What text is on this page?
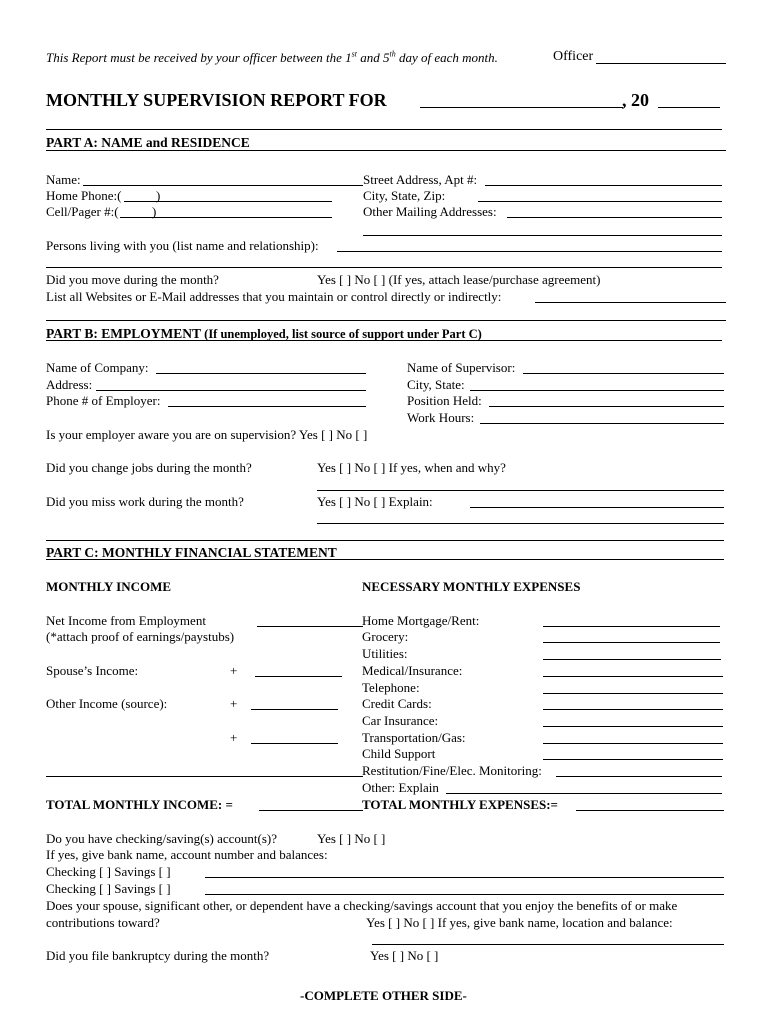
This Report must be received by your officer between the 1st and 5th day of each month.	Officer
MONTHLY SUPERVISION REPORT FOR	, 20
PART A: NAME and RESIDENCE
Name:
Home Phone:(	)
Cell/Pager #:(	)
Street Address, Apt #:
City, State, Zip:
Other Mailing Addresses:
Persons living with you (list name and relationship):
Did you move during the month?	Yes [ ] No [ ] (If yes, attach lease/purchase agreement)
List all Websites or E-Mail addresses that you maintain or control directly or indirectly:
PART B: EMPLOYMENT (If unemployed, list source of support under Part C)
Name of Company:
Address:
Phone # of Employer:
Name of Supervisor:
City, State:
Position Held:
Work Hours:
Is your employer aware you are on supervision? Yes [ ] No [ ]
Did you change jobs during the month?	Yes [ ] No [ ] If yes, when and why?
Did you miss work during the month?	Yes [ ] No [ ] Explain:
PART C: MONTHLY FINANCIAL STATEMENT
MONTHLY INCOME	NECESSARY MONTHLY EXPENSES
Net Income from Employment
(*attach proof of earnings/paystubs)
Spouse’s Income:	+
Other Income (source):	+
+
Home Mortgage/Rent:
Grocery:
Utilities:
Medical/Insurance:
Telephone:
Credit Cards:
Car Insurance:
Transportation/Gas:
Child Support
Restitution/Fine/Elec. Monitoring:
Other: Explain
TOTAL MONTHLY INCOME: =	TOTAL MONTHLY EXPENSES:=
Do you have checking/saving(s) account(s)?	Yes [ ] No [ ]
If yes, give bank name, account number and balances:
Checking [ ] Savings [ ]
Checking [ ] Savings [ ]
Does your spouse, significant other, or dependent have a checking/savings account that you enjoy the benefits of or make
contributions toward?	Yes [ ] No [ ] If yes, give bank name, location and balance:
Did you file bankruptcy during the month?	Yes [ ] No [ ]
-COMPLETE OTHER SIDE-
